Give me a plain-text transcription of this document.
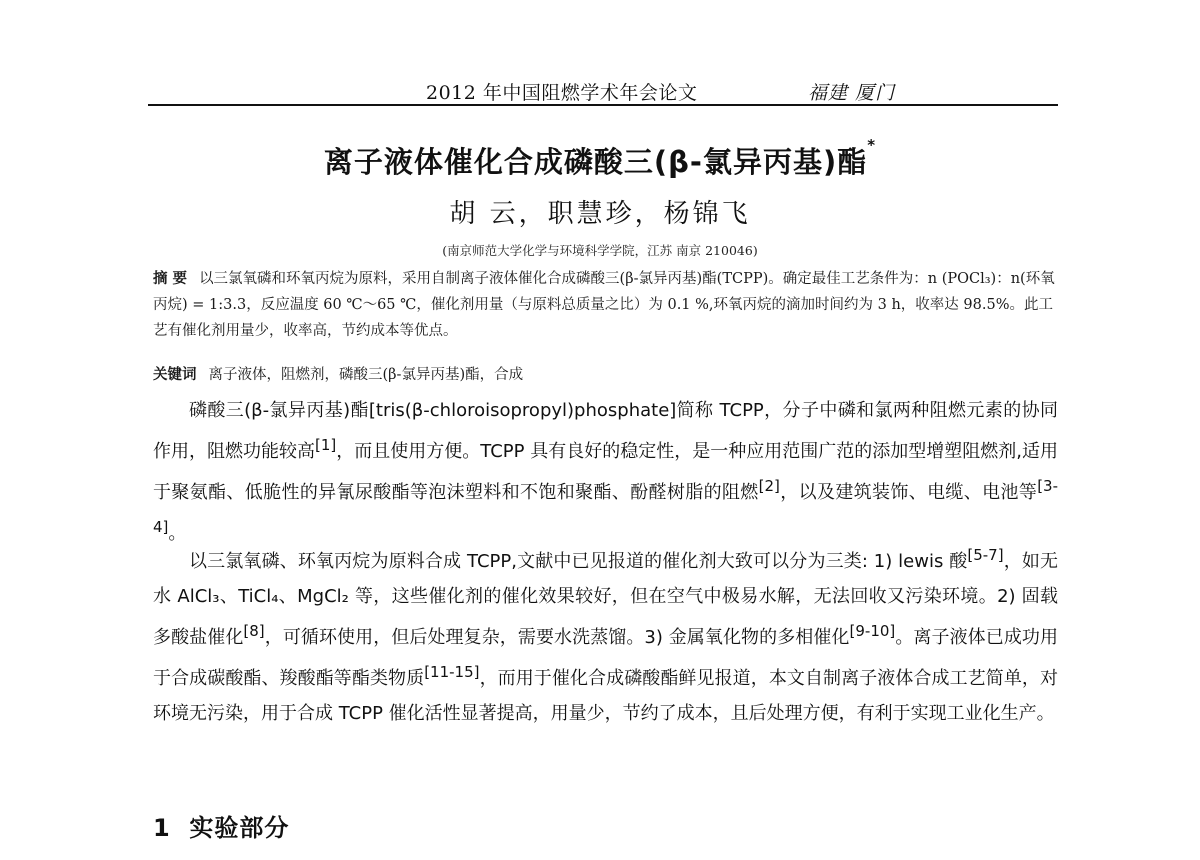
2012 年中国阻燃学术年会论文	福建 厦门
离子液体催化合成磷酸三(β-氯异丙基)酯*
胡 云，职慧珍，杨锦飞
(南京师范大学化学与环境科学学院，江苏 南京 210046)
摘 要 以三氯氧磷和环氧丙烷为原料，采用自制离子液体催化合成磷酸三(β-氯异丙基)酯(TCPP)。确定最佳工艺条件为：n (POCl₃)：n(环氧丙烷) = 1:3.3，反应温度 60 ℃～65 ℃，催化剂用量（与原料总质量之比）为 0.1 %,环氧丙烷的滴加时间约为 3 h，收率达 98.5%。此工艺有催化剂用量少，收率高，节约成本等优点。
关键词 离子液体，阻燃剂，磷酸三(β-氯异丙基)酯，合成
磷酸三(β-氯异丙基)酯[tris(β-chloroisopropyl)phosphate]简称 TCPP，分子中磷和氯两种阻燃元素的协同作用，阻燃功能较高[1]，而且使用方便。TCPP 具有良好的稳定性，是一种应用范围广范的添加型增塑阻燃剂,适用于聚氨酯、低脆性的异氰尿酸酯等泡沫塑料和不饱和聚酯、酚醛树脂的阻燃[2]，以及建筑装饰、电缆、电池等[3-4]。
以三氯氧磷、环氧丙烷为原料合成 TCPP,文献中已见报道的催化剂大致可以分为三类: 1) lewis 酸[5-7]，如无水 AlCl₃、TiCl₄、MgCl₂ 等，这些催化剂的催化效果较好，但在空气中极易水解，无法回收又污染环境。2) 固载多酸盐催化[8]，可循环使用，但后处理复杂，需要水洗蒸馏。3) 金属氧化物的多相催化[9-10]。离子液体已成功用于合成碳酸酯、羧酸酯等酯类物质[11-15]，而用于催化合成磷酸酯鲜见报道，本文自制离子液体合成工艺简单，对环境无污染，用于合成 TCPP 催化活性显著提高，用量少，节约了成本，且后处理方便，有利于实现工业化生产。
1 实验部分
